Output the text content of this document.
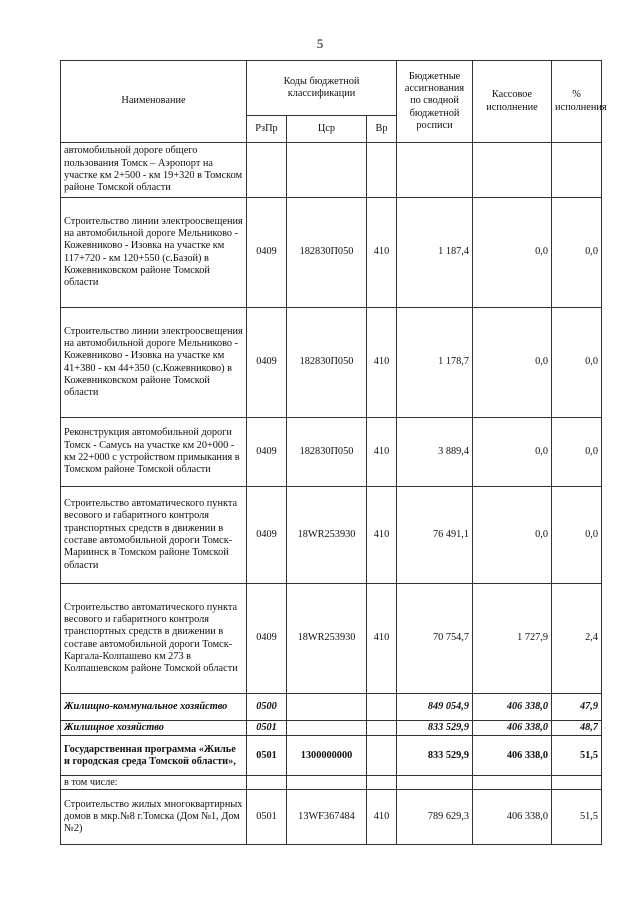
5
Наименование	Коды бюджетной классификации			Бюджетные ассигнования по сводной бюджетной росписи	Кассовое исполнение	% исполнения
	РзПр	Цср	Вр			
автомобильной дороге общего пользования Томск – Аэропорт на участке км 2+500 - км 19+320 в Томском районе Томской области						
Строительство линии электроосвещения на автомобильной дороге Мельниково - Кожевниково - Изовка на участке км 117+720 - км 120+550 (с.Базой) в Кожевниковском районе Томской области	0409	182830П050	410	1 187,4	0,0	0,0
Строительство линии электроосвещения на автомобильной дороге Мельниково - Кожевниково - Изовка на участке км 41+380 - км 44+350 (с.Кожевниково) в Кожевниковском районе Томской области	0409	182830П050	410	1 178,7	0,0	0,0
Реконструкция автомобильной дороги Томск - Самусь на участке км 20+000 - км 22+000 с устройством примыкания в Томском районе Томской области	0409	182830П050	410	3 889,4	0,0	0,0
Строительство автоматического пункта весового и габаритного контроля транспортных средств в движении в составе автомобильной дороги Томск-Мариинск в Томском районе Томской области	0409	18WR253930	410	76 491,1	0,0	0,0
Строительство автоматического пункта весового и габаритного контроля транспортных средств в движении в составе автомобильной дороги Томск-Каргала-Колпашево км 273 в Колпашевском районе Томской области	0409	18WR253930	410	70 754,7	1 727,9	2,4
Жилищно-коммунальное хозяйство	0500			849 054,9	406 338,0	47,9
Жилищное хозяйство	0501			833 529,9	406 338,0	48,7
Государственная программа «Жилье и городская среда Томской области»,	0501	1300000000		833 529,9	406 338,0	51,5
в том числе:						
Строительство жилых многоквартирных домов в мкр.№8 г.Томска (Дом №1, Дом №2)	0501	13WF367484	410	789 629,3	406 338,0	51,5
